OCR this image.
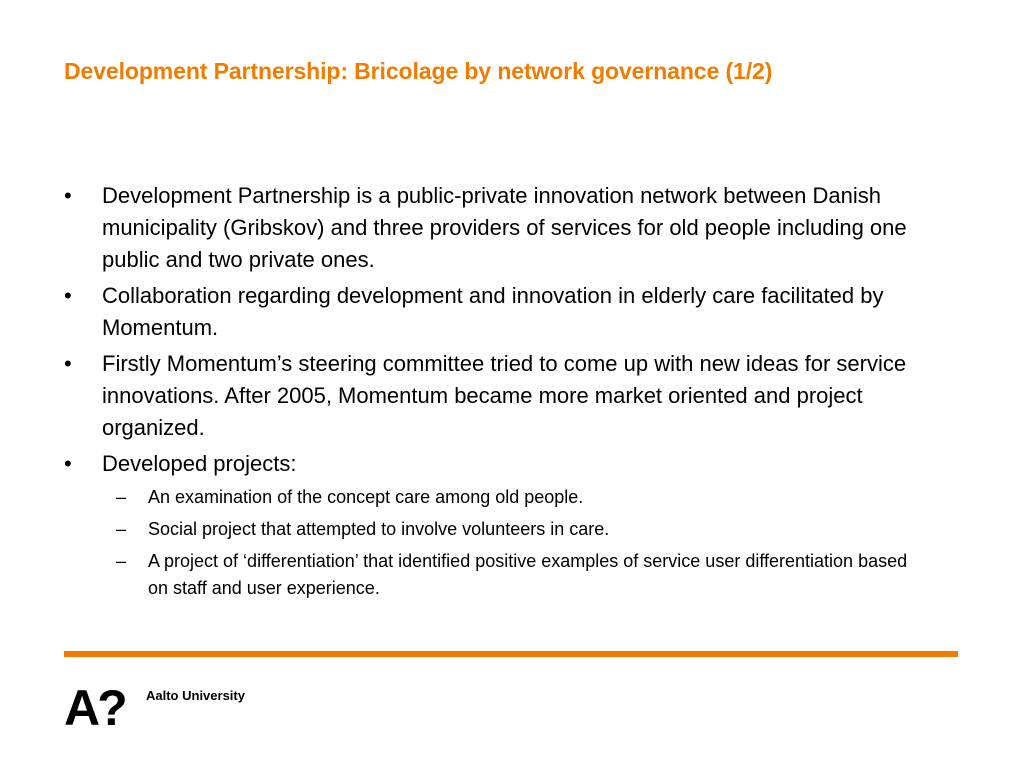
Development Partnership: Bricolage by network governance (1/2)
•	Development Partnership is a public-private innovation network between Danish municipality (Gribskov) and three providers of services for old people including one public and two private ones.
•	Collaboration regarding development and innovation in elderly care facilitated by Momentum.
•	Firstly Momentum’s steering committee tried to come up with new ideas for service innovations. After 2005, Momentum became more market oriented and project organized.
•	Developed projects:
–	An examination of the concept care among old people.
–	Social project that attempted to involve volunteers in care.
–	A project of ‘differentiation’ that identified positive examples of service user differentiation based on staff and user experience.
A? Aalto University
